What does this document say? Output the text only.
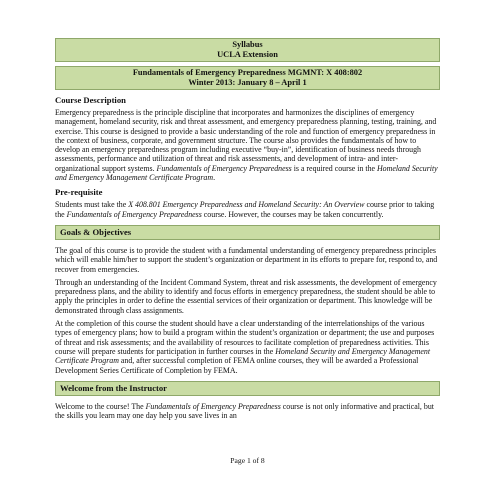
Syllabus
UCLA Extension
Fundamentals of Emergency Preparedness MGMNT: X 408:802
Winter 2013: January 8 – April 1
Course Description

Emergency preparedness is the principle discipline that incorporates and harmonizes the disciplines of emergency management, homeland security, risk and threat assessment, and emergency preparedness planning, testing, training, and exercise. This course is designed to provide a basic understanding of the role and function of emergency preparedness in the context of business, corporate, and government structure. The course also provides the fundamentals of how to develop an emergency preparedness program including executive “buy-in”, identification of business needs through assessments, performance and utilization of threat and risk assessments, and development of intra- and inter-organizational support systems. Fundamentals of Emergency Preparedness is a required course in the Homeland Security and Emergency Management Certificate Program.

Pre-requisite

Students must take the X 408.801 Emergency Preparedness and Homeland Security: An Overview course prior to taking the Fundamentals of Emergency Preparedness course. However, the courses may be taken concurrently.

Goals & Objectives

The goal of this course is to provide the student with a fundamental understanding of emergency preparedness principles which will enable him/her to support the student’s organization or department in its efforts to prepare for, respond to, and recover from emergencies.

Through an understanding of the Incident Command System, threat and risk assessments, the development of emergency preparedness plans, and the ability to identify and focus efforts in emergency preparedness, the student should be able to apply the principles in order to define the essential services of their organization or department. This knowledge will be demonstrated through class assignments.

At the completion of this course the student should have a clear understanding of the interrelationships of the various types of emergency plans; how to build a program within the student’s organization or department; the use and purposes of threat and risk assessments; and the availability of resources to facilitate completion of preparedness activities. This course will prepare students for participation in further courses in the Homeland Security and Emergency Management Certificate Program and, after successful completion of FEMA online courses, they will be awarded a Professional Development Series Certificate of Completion by FEMA.

Welcome from the Instructor

Welcome to the course! The Fundamentals of Emergency Preparedness course is not only informative and practical, but the skills you learn may one day help you save lives in an

Page 1 of 8
